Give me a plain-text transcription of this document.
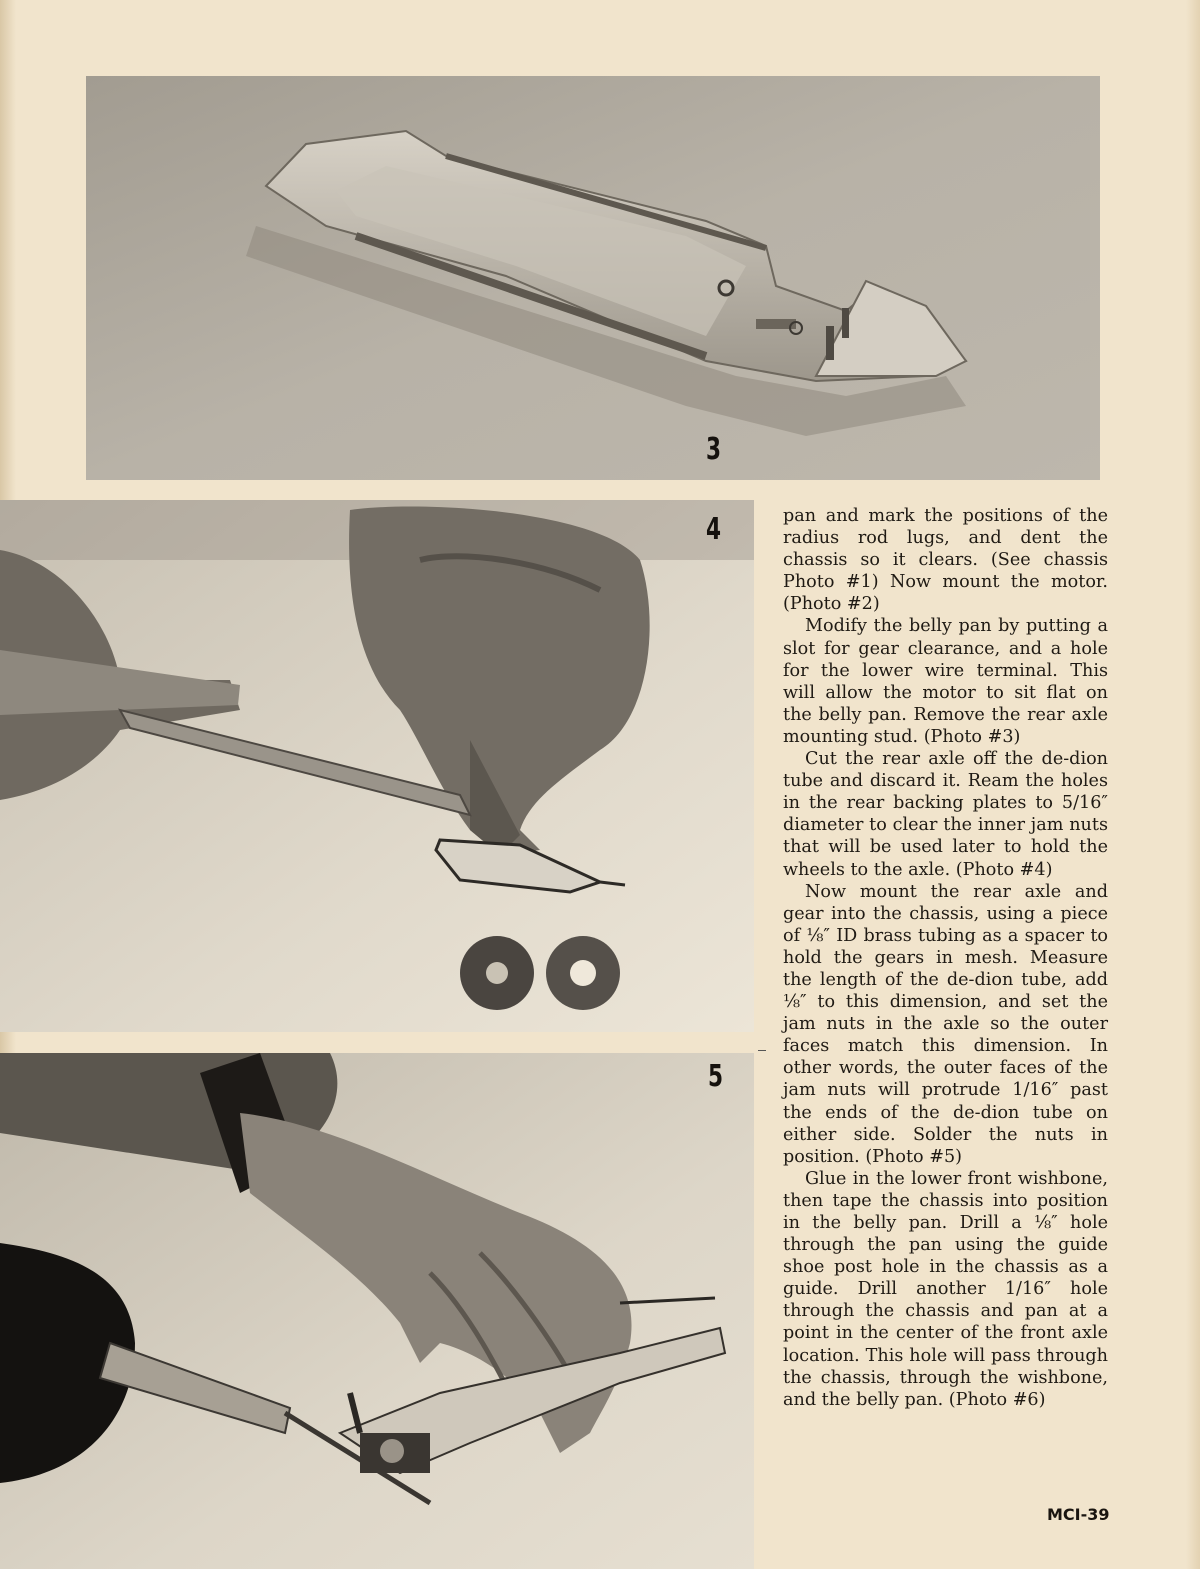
3
4
5

pan and mark the positions of the radius rod lugs, and dent the chassis so it clears. (See chassis Photo #1) Now mount the motor. (Photo #2)

Modify the belly pan by putting a slot for gear clearance, and a hole for the lower wire terminal. This will allow the motor to sit flat on the belly pan. Remove the rear axle mounting stud. (Photo #3)

Cut the rear axle off the de-dion tube and discard it. Ream the holes in the rear backing plates to 5/16″ diameter to clear the inner jam nuts that will be used later to hold the wheels to the axle. (Photo #4)

Now mount the rear axle and gear into the chassis, using a piece of ⅛″ ID brass tubing as a spacer to hold the gears in mesh. Measure the length of the de-dion tube, add ⅛″ to this dimension, and set the jam nuts in the axle so the outer faces match this dimension. In other words, the outer faces of the jam nuts will protrude 1/16″ past the ends of the de-dion tube on either side. Solder the nuts in position. (Photo #5)

Glue in the lower front wishbone, then tape the chassis into position in the belly pan. Drill a ⅛″ hole through the pan using the guide shoe post hole in the chassis as a guide. Drill another 1/16″ hole through the chassis and pan at a point in the center of the front axle location. This hole will pass through the chassis, through the wishbone, and the belly pan. (Photo #6)

MCI-39
